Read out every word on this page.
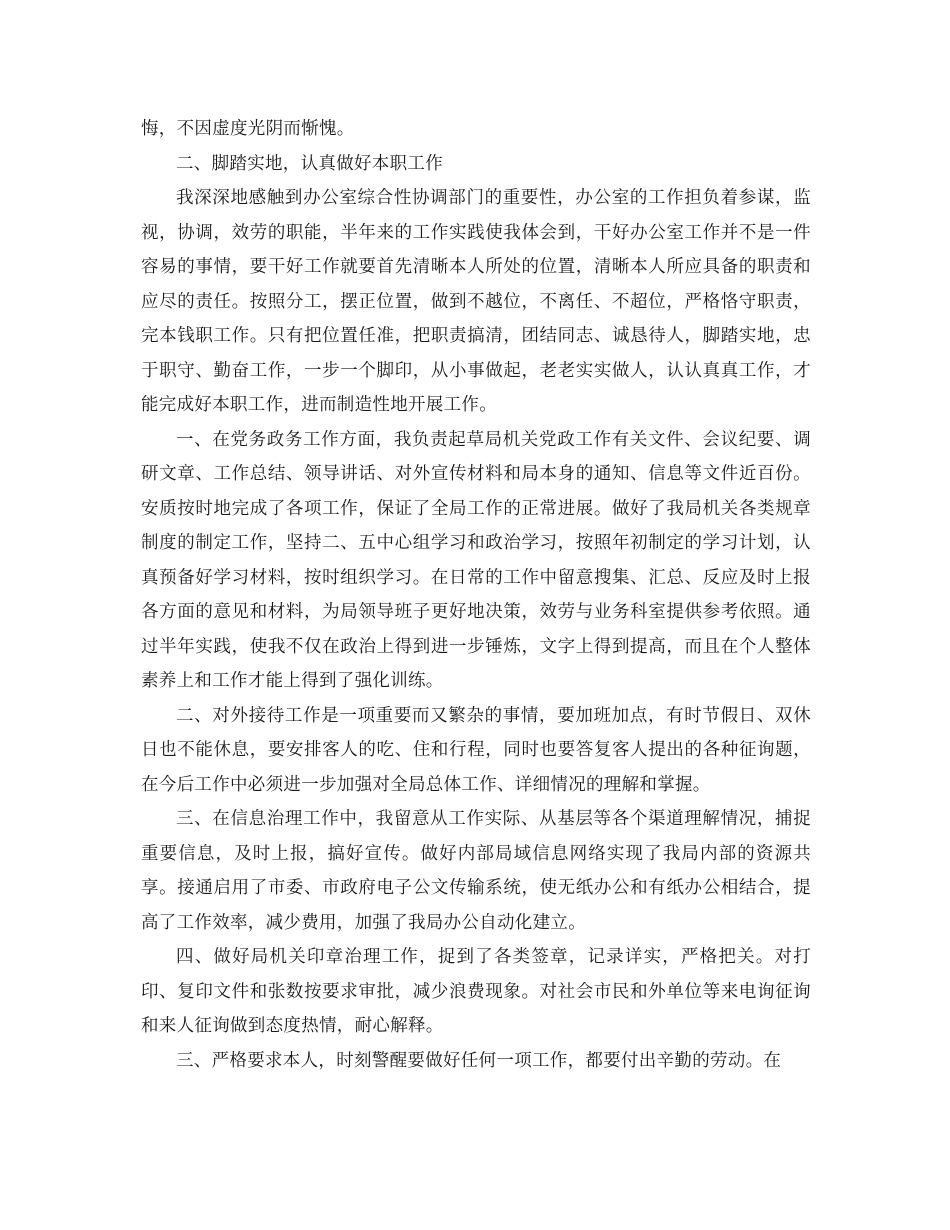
悔，不因虚度光阴而惭愧。

二、脚踏实地，认真做好本职工作

我深深地感触到办公室综合性协调部门的重要性，办公室的工作担负着参谋，监视，协调，效劳的职能，半年来的工作实践使我体会到，干好办公室工作并不是一件容易的事情，要干好工作就要首先清晰本人所处的位置，清晰本人所应具备的职责和应尽的责任。按照分工，摆正位置，做到不越位，不离任、不超位，严格恪守职责，完本钱职工作。只有把位置任准，把职责搞清，团结同志、诚恳待人，脚踏实地，忠于职守、勤奋工作，一步一个脚印，从小事做起，老老实实做人，认认真真工作，才能完成好本职工作，进而制造性地开展工作。

一、在党务政务工作方面，我负责起草局机关党政工作有关文件、会议纪要、调研文章、工作总结、领导讲话、对外宣传材料和局本身的通知、信息等文件近百份。安质按时地完成了各项工作，保证了全局工作的正常进展。做好了我局机关各类规章制度的制定工作，坚持二、五中心组学习和政治学习，按照年初制定的学习计划，认真预备好学习材料，按时组织学习。在日常的工作中留意搜集、汇总、反应及时上报各方面的意见和材料，为局领导班子更好地决策，效劳与业务科室提供参考依照。通过半年实践，使我不仅在政治上得到进一步锤炼，文字上得到提高，而且在个人整体素养上和工作才能上得到了强化训练。

二、对外接待工作是一项重要而又繁杂的事情，要加班加点，有时节假日、双休日也不能休息，要安排客人的吃、住和行程，同时也要答复客人提出的各种征询题，在今后工作中必须进一步加强对全局总体工作、详细情况的理解和掌握。

三、在信息治理工作中，我留意从工作实际、从基层等各个渠道理解情况，捕捉重要信息，及时上报，搞好宣传。做好内部局域信息网络实现了我局内部的资源共享。接通启用了市委、市政府电子公文传输系统，使无纸办公和有纸办公相结合，提高了工作效率，减少费用，加强了我局办公自动化建立。

四、做好局机关印章治理工作，捉到了各类签章，记录详实，严格把关。对打印、复印文件和张数按要求审批，减少浪费现象。对社会市民和外单位等来电询征询和来人征询做到态度热情，耐心解释。

三、严格要求本人，时刻警醒要做好任何一项工作，都要付出辛勤的劳动。在
